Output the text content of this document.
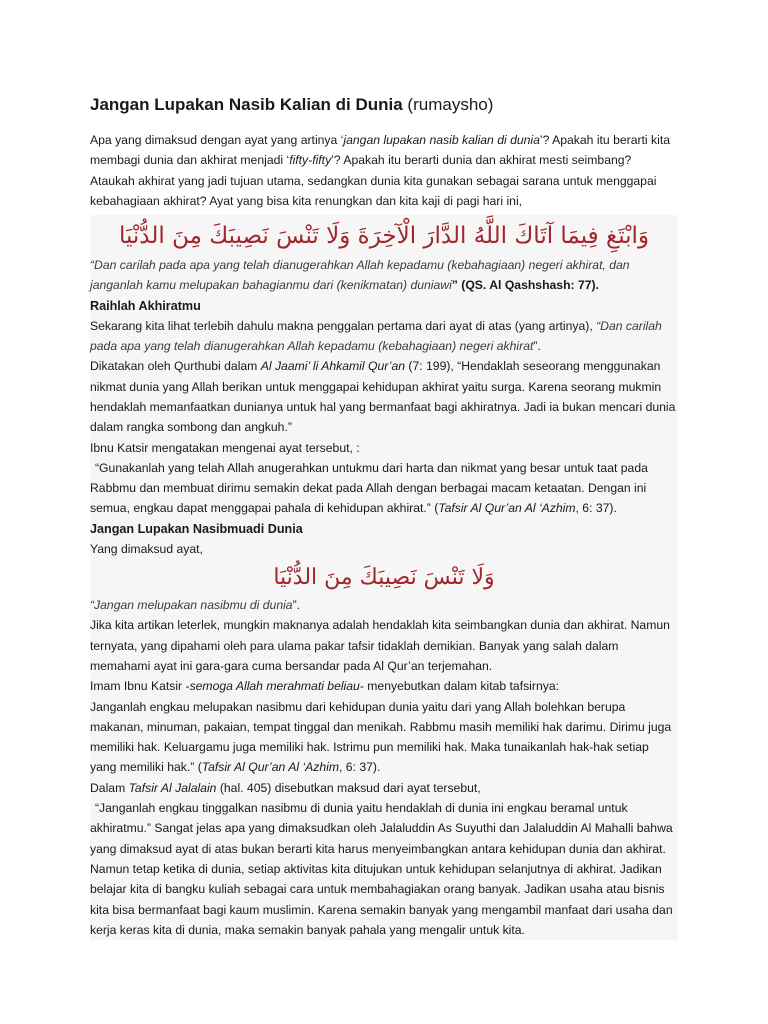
Jangan Lupakan Nasib Kalian di Dunia (rumaysho)

Apa yang dimaksud dengan ayat yang artinya ‘jangan lupakan nasib kalian di dunia’? Apakah itu berarti kita membagi dunia dan akhirat menjadi ‘fifty-fifty’? Apakah itu berarti dunia dan akhirat mesti seimbang? Ataukah akhirat yang jadi tujuan utama, sedangkan dunia kita gunakan sebagai sarana untuk menggapai kebahagiaan akhirat? Ayat yang bisa kita renungkan dan kita kaji di pagi hari ini,

وَابْتَغِ فِيمَا آتَاكَ اللَّهُ الدَّارَ الْآخِرَةَ وَلَا تَنْسَ نَصِيبَكَ مِنَ الدُّنْيَا

“Dan carilah pada apa yang telah dianugerahkan Allah kepadamu (kebahagiaan) negeri akhirat, dan janganlah kamu melupakan bahagianmu dari (kenikmatan) duniawi” (QS. Al Qashshash: 77).

Raihlah Akhiratmu

Sekarang kita lihat terlebih dahulu makna penggalan pertama dari ayat di atas (yang artinya), “Dan carilah pada apa yang telah dianugerahkan Allah kepadamu (kebahagiaan) negeri akhirat”.

Dikatakan oleh Qurthubi dalam Al Jaami’ li Ahkamil Qur’an (7: 199), “Hendaklah seseorang menggunakan nikmat dunia yang Allah berikan untuk menggapai kehidupan akhirat yaitu surga. Karena seorang mukmin hendaklah memanfaatkan dunianya untuk hal yang bermanfaat bagi akhiratnya. Jadi ia bukan mencari dunia dalam rangka sombong dan angkuh.”

Ibnu Katsir mengatakan mengenai ayat tersebut, :

“Gunakanlah yang telah Allah anugerahkan untukmu dari harta dan nikmat yang besar untuk taat pada Rabbmu dan membuat dirimu semakin dekat pada Allah dengan berbagai macam ketaatan. Dengan ini semua, engkau dapat menggapai pahala di kehidupan akhirat.” (Tafsir Al Qur’an Al ‘Azhim, 6: 37).

Jangan Lupakan Nasibmuadi Dunia

Yang dimaksud ayat,

وَلَا تَنْسَ نَصِيبَكَ مِنَ الدُّنْيَا

“Jangan melupakan nasibmu di dunia”.

Jika kita artikan leterlek, mungkin maknanya adalah hendaklah kita seimbangkan dunia dan akhirat. Namun ternyata, yang dipahami oleh para ulama pakar tafsir tidaklah demikian. Banyak yang salah dalam memahami ayat ini gara-gara cuma bersandar pada Al Qur’an terjemahan.

Imam Ibnu Katsir -semoga Allah merahmati beliau- menyebutkan dalam kitab tafsirnya:

Janganlah engkau melupakan nasibmu dari kehidupan dunia yaitu dari yang Allah bolehkan berupa makanan, minuman, pakaian, tempat tinggal dan menikah. Rabbmu masih memiliki hak darimu. Dirimu juga memiliki hak. Keluargamu juga memiliki hak. Istrimu pun memiliki hak. Maka tunaikanlah hak-hak setiap yang memiliki hak.” (Tafsir Al Qur’an Al ‘Azhim, 6: 37).

Dalam Tafsir Al Jalalain (hal. 405) disebutkan maksud dari ayat tersebut,

“Janganlah engkau tinggalkan nasibmu di dunia yaitu hendaklah di dunia ini engkau beramal untuk akhiratmu.” Sangat jelas apa yang dimaksudkan oleh Jalaluddin As Suyuthi dan Jalaluddin Al Mahalli bahwa yang dimaksud ayat di atas bukan berarti kita harus menyeimbangkan antara kehidupan dunia dan akhirat. Namun tetap ketika di dunia, setiap aktivitas kita ditujukan untuk kehidupan selanjutnya di akhirat. Jadikan belajar kita di bangku kuliah sebagai cara untuk membahagiakan orang banyak. Jadikan usaha atau bisnis kita bisa bermanfaat bagi kaum muslimin. Karena semakin banyak yang mengambil manfaat dari usaha dan kerja keras kita di dunia, maka semakin banyak pahala yang mengalir untuk kita.
